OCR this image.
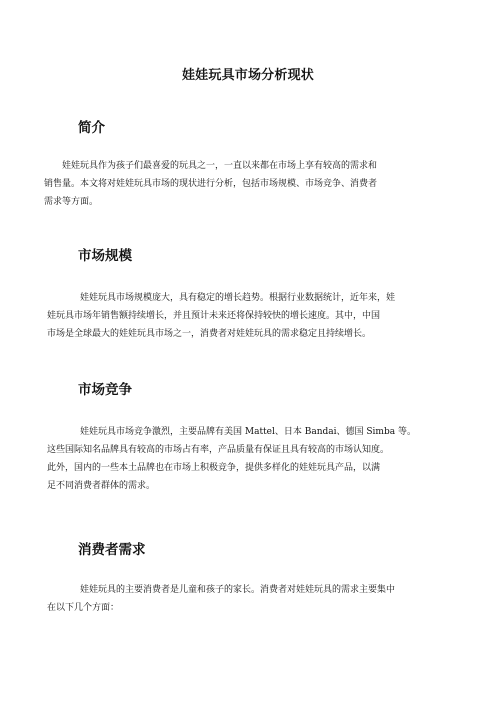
娃娃玩具市场分析现状
简介
娃娃玩具作为孩子们最喜爱的玩具之一，一直以来都在市场上享有较高的需求和
销售量。本文将对娃娃玩具市场的现状进行分析，包括市场规模、市场竞争、消费者
需求等方面。
市场规模
娃娃玩具市场规模庞大，具有稳定的增长趋势。根据行业数据统计，近年来，娃
娃玩具市场年销售额持续增长，并且预计未来还将保持较快的增长速度。其中，中国
市场是全球最大的娃娃玩具市场之一，消费者对娃娃玩具的需求稳定且持续增长。
市场竞争
娃娃玩具市场竞争激烈，主要品牌有美国 Mattel、日本 Bandai、德国 Simba 等。
这些国际知名品牌具有较高的市场占有率，产品质量有保证且具有较高的市场认知度。
此外，国内的一些本土品牌也在市场上积极竞争，提供多样化的娃娃玩具产品，以满
足不同消费者群体的需求。
消费者需求
娃娃玩具的主要消费者是儿童和孩子的家长。消费者对娃娃玩具的需求主要集中
在以下几个方面：
